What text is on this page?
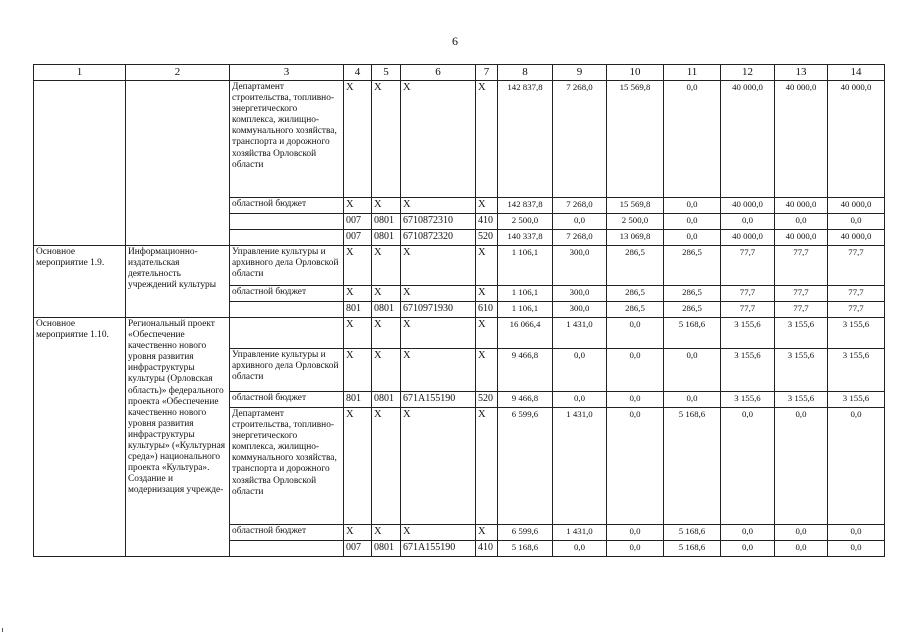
6
1	2	3	4	5	6	7	8	9	10	11	12	13	14
		Департамент строительства, топливно-энергетического комплекса, жилищно-коммунального хозяйства, транспорта и дорожного хозяйства Орловской области	X	X	X	X	142 837,8	7 268,0	15 569,8	0,0	40 000,0	40 000,0	40 000,0
		областной бюджет	X	X	X	X	142 837,8	7 268,0	15 569,8	0,0	40 000,0	40 000,0	40 000,0
			007	0801	6710872310	410	2 500,0	0,0	2 500,0	0,0	0,0	0,0	0,0
			007	0801	6710872320	520	140 337,8	7 268,0	13 069,8	0,0	40 000,0	40 000,0	40 000,0
Основное мероприятие 1.9.	Информационно-издательская деятельность учреждений культуры	Управление культуры и архивного дела Орловской области	X	X	X	X	1 106,1	300,0	286,5	286,5	77,7	77,7	77,7
		областной бюджет	X	X	X	X	1 106,1	300,0	286,5	286,5	77,7	77,7	77,7
			801	0801	6710971930	610	1 106,1	300,0	286,5	286,5	77,7	77,7	77,7
Основное мероприятие 1.10.	Региональный проект «Обеспечение качественно нового уровня развития инфраструктуры культуры (Орловская область)» федерального проекта «Обеспечение качественно нового уровня развития инфраструктуры культуры» («Культурная среда») национального проекта «Культура». Создание и модернизация учрежде-		X	X	X	X	16 066,4	1 431,0	0,0	5 168,6	3 155,6	3 155,6	3 155,6
		Управление культуры и архивного дела Орловской области	X	X	X	X	9 466,8	0,0	0,0	0,0	3 155,6	3 155,6	3 155,6
		областной бюджет	801	0801	671A155190	520	9 466,8	0,0	0,0	0,0	3 155,6	3 155,6	3 155,6
		Департамент строительства, топливно-энергетического комплекса, жилищно-коммунального хозяйства, транспорта и дорожного хозяйства Орловской области	X	X	X	X	6 599,6	1 431,0	0,0	5 168,6	0,0	0,0	0,0
		областной бюджет	X	X	X	X	6 599,6	1 431,0	0,0	5 168,6	0,0	0,0	0,0
			007	0801	671A155190	410	5 168,6	0,0	0,0	5 168,6	0,0	0,0	0,0
